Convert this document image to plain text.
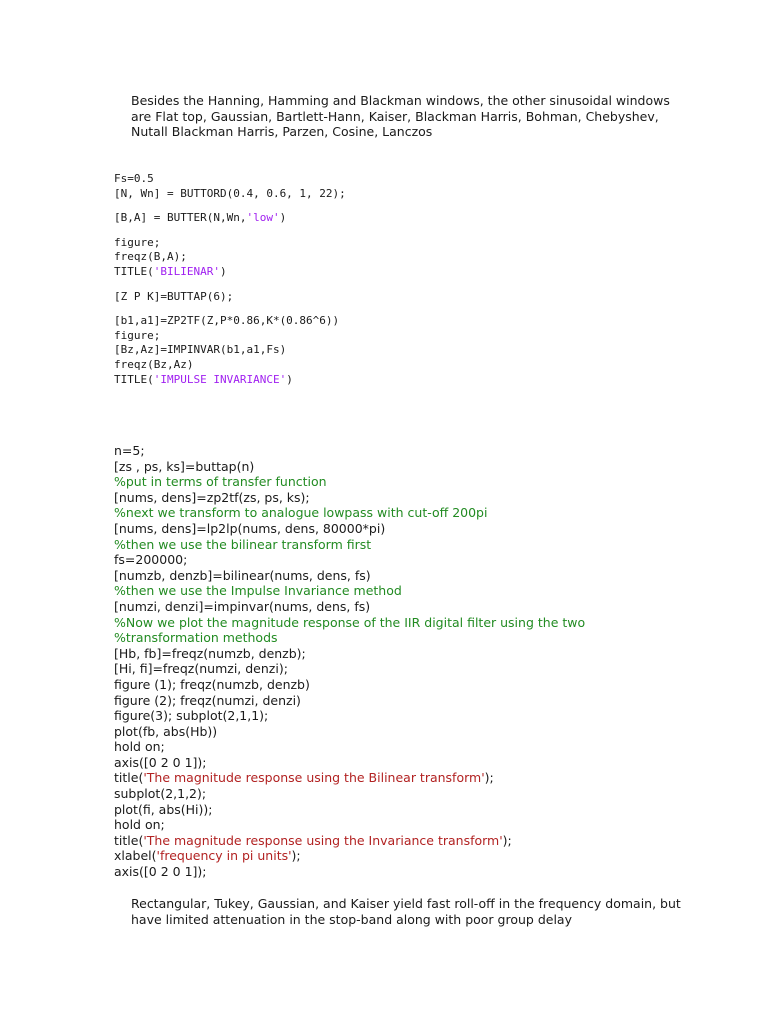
Besides the Hanning, Hamming and Blackman windows, the other sinusoidal windows are Flat top, Gaussian, Bartlett-Hann, Kaiser, Blackman Harris, Bohman, Chebyshev, Nutall Blackman Harris, Parzen, Cosine, Lanczos

Fs=0.5
[N, Wn] = BUTTORD(0.4, 0.6, 1, 22);
[B,A] = BUTTER(N,Wn,'low')
figure;
freqz(B,A);
TITLE('BILIENAR')
[Z P K]=BUTTAP(6);
[b1,a1]=ZP2TF(Z,P*0.86,K*(0.86^6))
figure;
[Bz,Az]=IMPINVAR(b1,a1,Fs)
freqz(Bz,Az)
TITLE('IMPULSE INVARIANCE')
n=5;
[zs , ps, ks]=buttap(n)
%put in terms of transfer function
[nums, dens]=zp2tf(zs, ps, ks);
%next we transform to analogue lowpass with cut-off 200pi
[nums, dens]=lp2lp(nums, dens, 80000*pi)
%then we use the bilinear transform first
fs=200000;
[numzb, denzb]=bilinear(nums, dens, fs)
%then we use the Impulse Invariance method
[numzi, denzi]=impinvar(nums, dens, fs)
%Now we plot the magnitude response of the IIR digital filter using the two
%transformation methods
[Hb, fb]=freqz(numzb, denzb);
[Hi, fi]=freqz(numzi, denzi);
figure (1); freqz(numzb, denzb)
figure (2); freqz(numzi, denzi)
figure(3); subplot(2,1,1);
plot(fb, abs(Hb))
hold on;
axis([0 2 0 1]);
title('The magnitude response using the Bilinear transform');
subplot(2,1,2);
plot(fi, abs(Hi));
hold on;
title('The magnitude response using the Invariance transform');
xlabel('frequency in pi units');
axis([0 2 0 1]);

Rectangular, Tukey, Gaussian, and Kaiser yield fast roll-off in the frequency domain, but have limited attenuation in the stop-band along with poor group delay
